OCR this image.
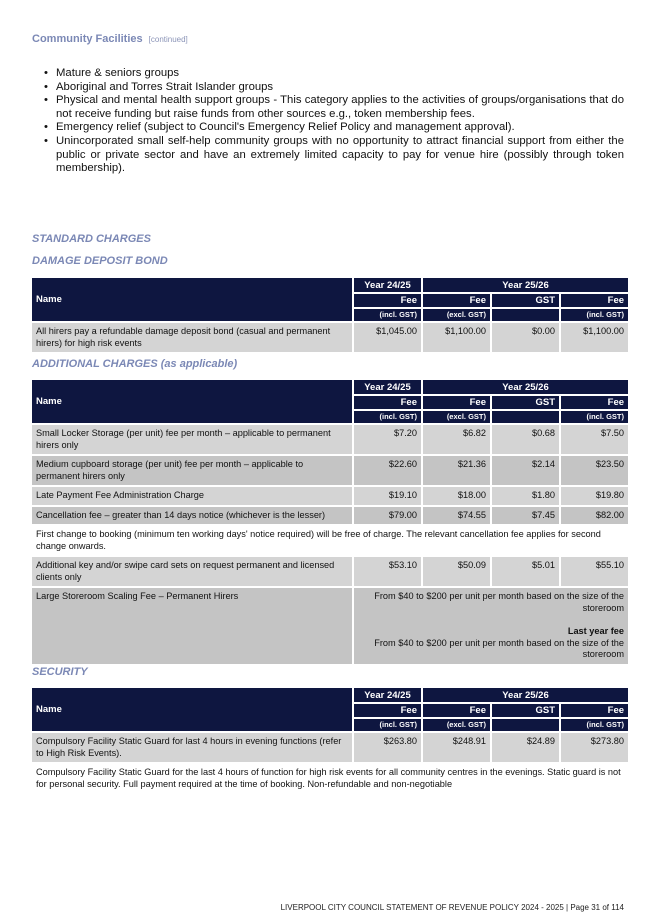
Community Facilities [continued]
• Mature & seniors groups
• Aboriginal and Torres Strait Islander groups
• Physical and mental health support groups - This category applies to the activities of groups/organisations that do not receive funding but raise funds from other sources e.g., token membership fees.
• Emergency relief (subject to Council's Emergency Relief Policy and management approval).
• Unincorporated small self-help community groups with no opportunity to attract financial support from either the public or private sector and have an extremely limited capacity to pay for venue hire (possibly through token membership).
STANDARD CHARGES
DAMAGE DEPOSIT BOND
Name	Year 24/25	Year 25/26		
	Fee	Fee	GST	Fee
	(incl. GST)	(excl. GST)		(incl. GST)
All hirers pay a refundable damage deposit bond (casual and permanent hirers) for high risk events	$1,045.00	$1,100.00	$0.00	$1,100.00
ADDITIONAL CHARGES (as applicable)
Name	Year 24/25	Year 25/26		
	Fee	Fee	GST	Fee
	(incl. GST)	(excl. GST)		(incl. GST)
Small Locker Storage (per unit) fee per month – applicable to permanent hirers only	$7.20	$6.82	$0.68	$7.50
Medium cupboard storage (per unit) fee per month – applicable to permanent hirers only	$22.60	$21.36	$2.14	$23.50
Late Payment Fee Administration Charge	$19.10	$18.00	$1.80	$19.80
Cancellation fee – greater than 14 days notice (whichever is the lesser)	$79.00	$74.55	$7.45	$82.00
First change to booking (minimum ten working days' notice required) will be free of charge. The relevant cancellation fee applies for second change onwards.				
Additional key and/or swipe card sets on request permanent and licensed clients only	$53.10	$50.09	$5.01	$55.10
Large Storeroom Scaling Fee – Permanent Hirers	From $40 to $200 per unit per month based on the size of the storeroom
Last year fee
From $40 to $200 per unit per month based on the size of the storeroom			
SECURITY
Name	Year 24/25	Year 25/26		
	Fee	Fee	GST	Fee
	(incl. GST)	(excl. GST)		(incl. GST)
Compulsory Facility Static Guard for last 4 hours in evening functions (refer to High Risk Events).	$263.80	$248.91	$24.89	$273.80
Compulsory Facility Static Guard for the last 4 hours of function for high risk events for all community centres in the evenings. Static guard is not for personal security. Full payment required at the time of booking. Non-refundable and non-negotiable				
LIVERPOOL CITY COUNCIL STATEMENT OF REVENUE POLICY 2024 - 2025 | Page 31 of 114
